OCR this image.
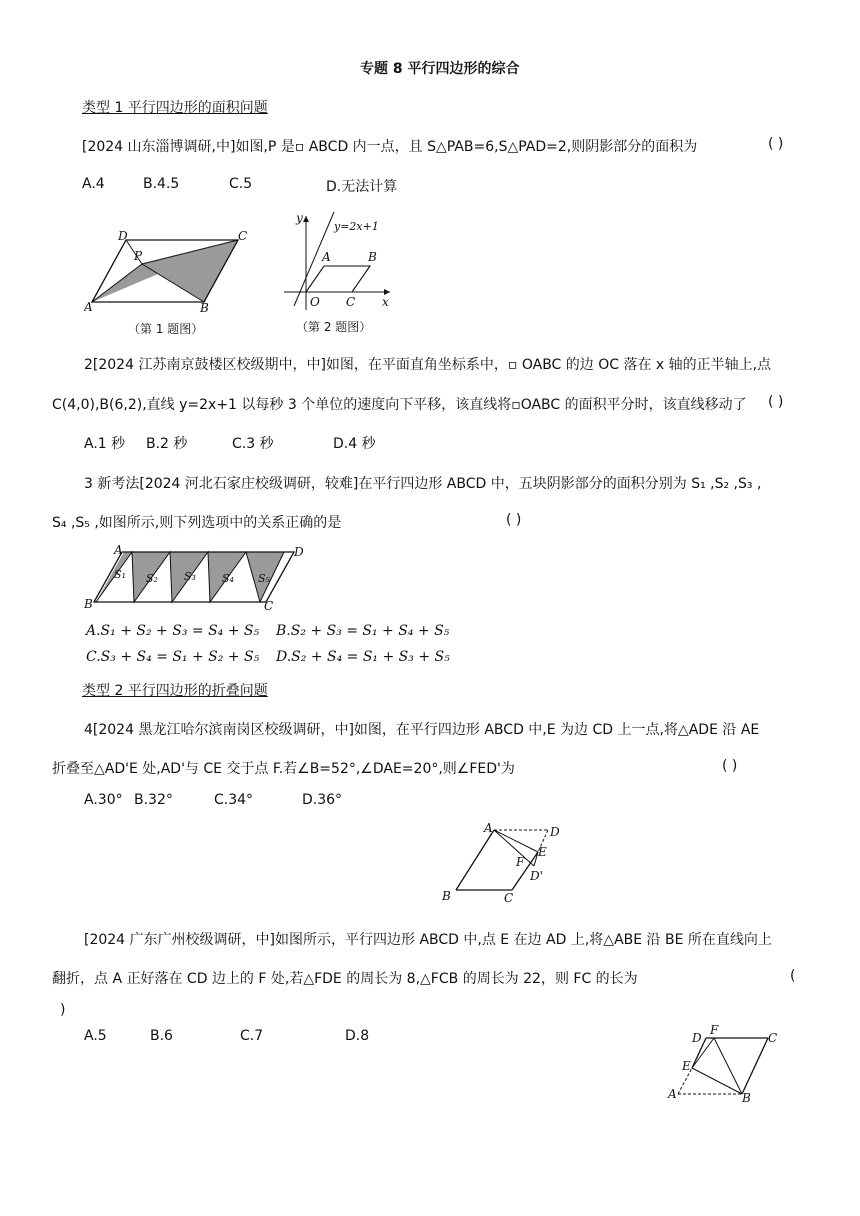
专题 8 平行四边形的综合
类型 1 平行四边形的面积问题
[2024 山东淄博调研,中]如图,P 是▫ ABCD 内一点，且 S△PAB=6,S△PAD=2,则阴影部分的面积为	( )
A.4	B.4.5	C.5	D.无法计算
A	B
C
D
P
（第 1 题图）
y
x
O
A	B
C
y=2x+1
（第 2 题图）
2[2024 江苏南京鼓楼区校级期中，中]如图，在平面直角坐标系中，▫ OABC 的边 OC 落在 x 轴的正半轴上,点
C(4,0),B(6,2),直线 y=2x+1 以每秒 3 个单位的速度向下平移，该直线将▫OABC 的面积平分时，该直线移动了 ( )
A.1 秒 B.2 秒	C.3 秒	D.4 秒
3 新考法[2024 河北石家庄校级调研，较难]在平行四边形 ABCD 中，五块阴影部分的面积分别为 S₁ ,S₂ ,S₃ ,
S₄ ,S₅ ,如图所示,则下列选项中的关系正确的是	( )
A
B	C
D
S₁ S₂ S₃ S₄ S₅
A.S₁ + S₂ + S₃ = S₄ + S₅ B.S₂ + S₃ = S₁ + S₄ + S₅
C.S₃ + S₄ = S₁ + S₂ + S₅ D.S₂ + S₄ = S₁ + S₃ + S₅
类型 2 平行四边形的折叠问题
4[2024 黑龙江哈尔滨南岗区校级调研，中]如图，在平行四边形 ABCD 中,E 为边 CD 上一点,将△ADE 沿 AE
折叠至△AD'E 处,AD'与 CE 交于点 F.若∠B=52°,∠DAE=20°,则∠FED'为	( )
A.30° B.32°	C.34°	D.36°
A
B	C
D
E
F
D'
[2024 广东广州校级调研，中]如图所示，平行四边形 ABCD 中,点 E 在边 AD 上,将△ABE 沿 BE 所在直线向上
翻折，点 A 正好落在 CD 边上的 F 处,若△FDE 的周长为 8,△FCB 的周长为 22，则 FC 的长为	(
)
A.5	B.6	C.7	D.8	D
F
C
E
A	B
